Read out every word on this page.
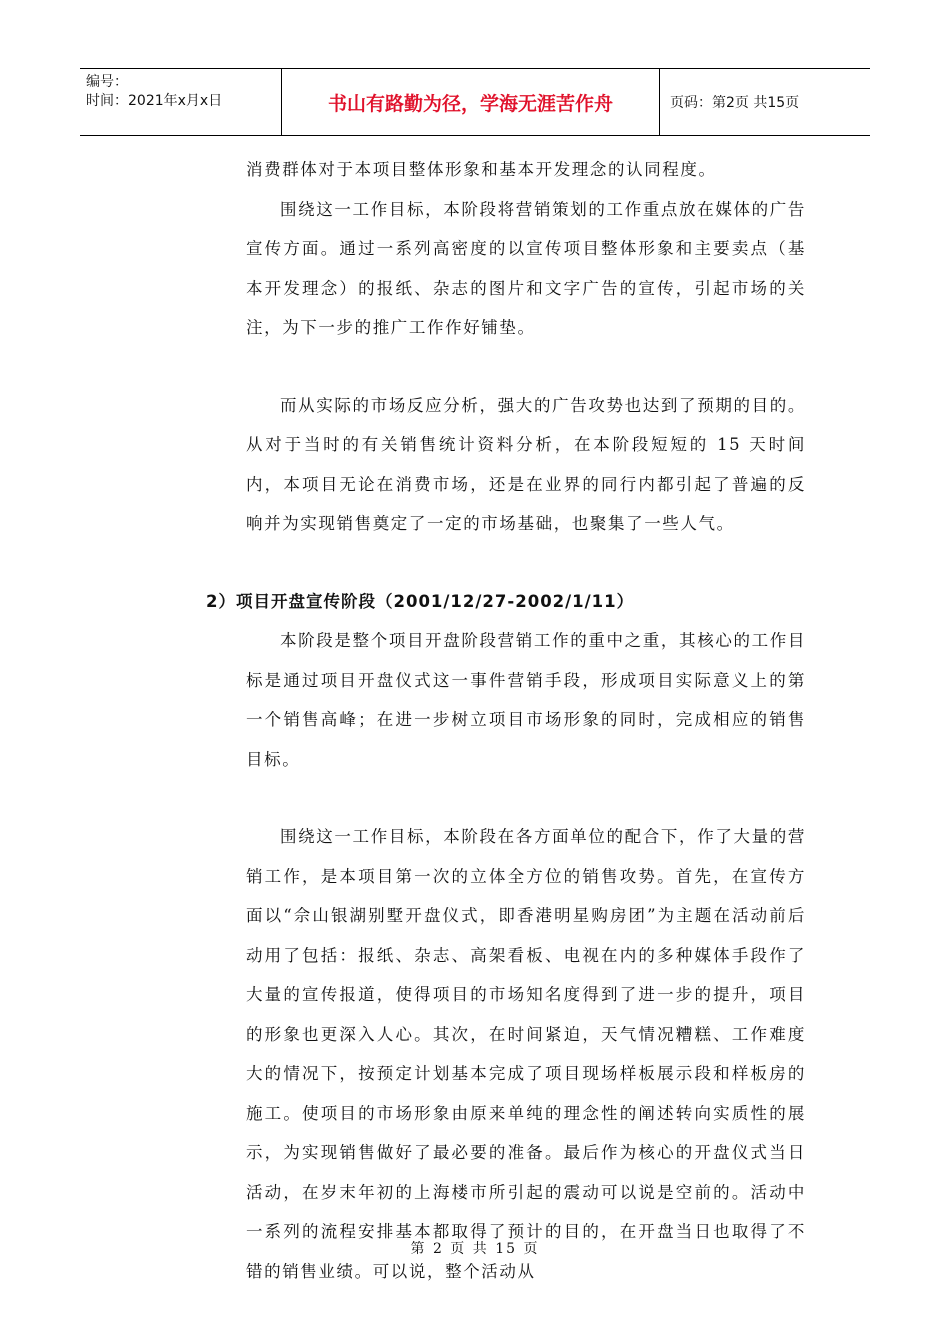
编号：
时间：2021年x月x日	书山有路勤为径，学海无涯苦作舟	页码：第2页 共15页

消费群体对于本项目整体形象和基本开发理念的认同程度。

围绕这一工作目标，本阶段将营销策划的工作重点放在媒体的广告宣传方面。通过一系列高密度的以宣传项目整体形象和主要卖点（基本开发理念）的报纸、杂志的图片和文字广告的宣传，引起市场的关注，为下一步的推广工作作好铺垫。

而从实际的市场反应分析，强大的广告攻势也达到了预期的目的。从对于当时的有关销售统计资料分析，在本阶段短短的 15 天时间内，本项目无论在消费市场，还是在业界的同行内都引起了普遍的反响并为实现销售奠定了一定的市场基础，也聚集了一些人气。

2）项目开盘宣传阶段（2001/12/27-2002/1/11）

本阶段是整个项目开盘阶段营销工作的重中之重，其核心的工作目标是通过项目开盘仪式这一事件营销手段，形成项目实际意义上的第一个销售高峰；在进一步树立项目市场形象的同时，完成相应的销售目标。

围绕这一工作目标，本阶段在各方面单位的配合下，作了大量的营销工作，是本项目第一次的立体全方位的销售攻势。首先，在宣传方面以“佘山银湖别墅开盘仪式，即香港明星购房团”为主题在活动前后动用了包括：报纸、杂志、高架看板、电视在内的多种媒体手段作了大量的宣传报道，使得项目的市场知名度得到了进一步的提升，项目的形象也更深入人心。其次，在时间紧迫，天气情况糟糕、工作难度大的情况下，按预定计划基本完成了项目现场样板展示段和样板房的施工。使项目的市场形象由原来单纯的理念性的阐述转向实质性的展示，为实现销售做好了最必要的准备。最后作为核心的开盘仪式当日活动，在岁末年初的上海楼市所引起的震动可以说是空前的。活动中一系列的流程安排基本都取得了预计的目的，在开盘当日也取得了不错的销售业绩。可以说，整个活动从

第 2 页 共 15 页
